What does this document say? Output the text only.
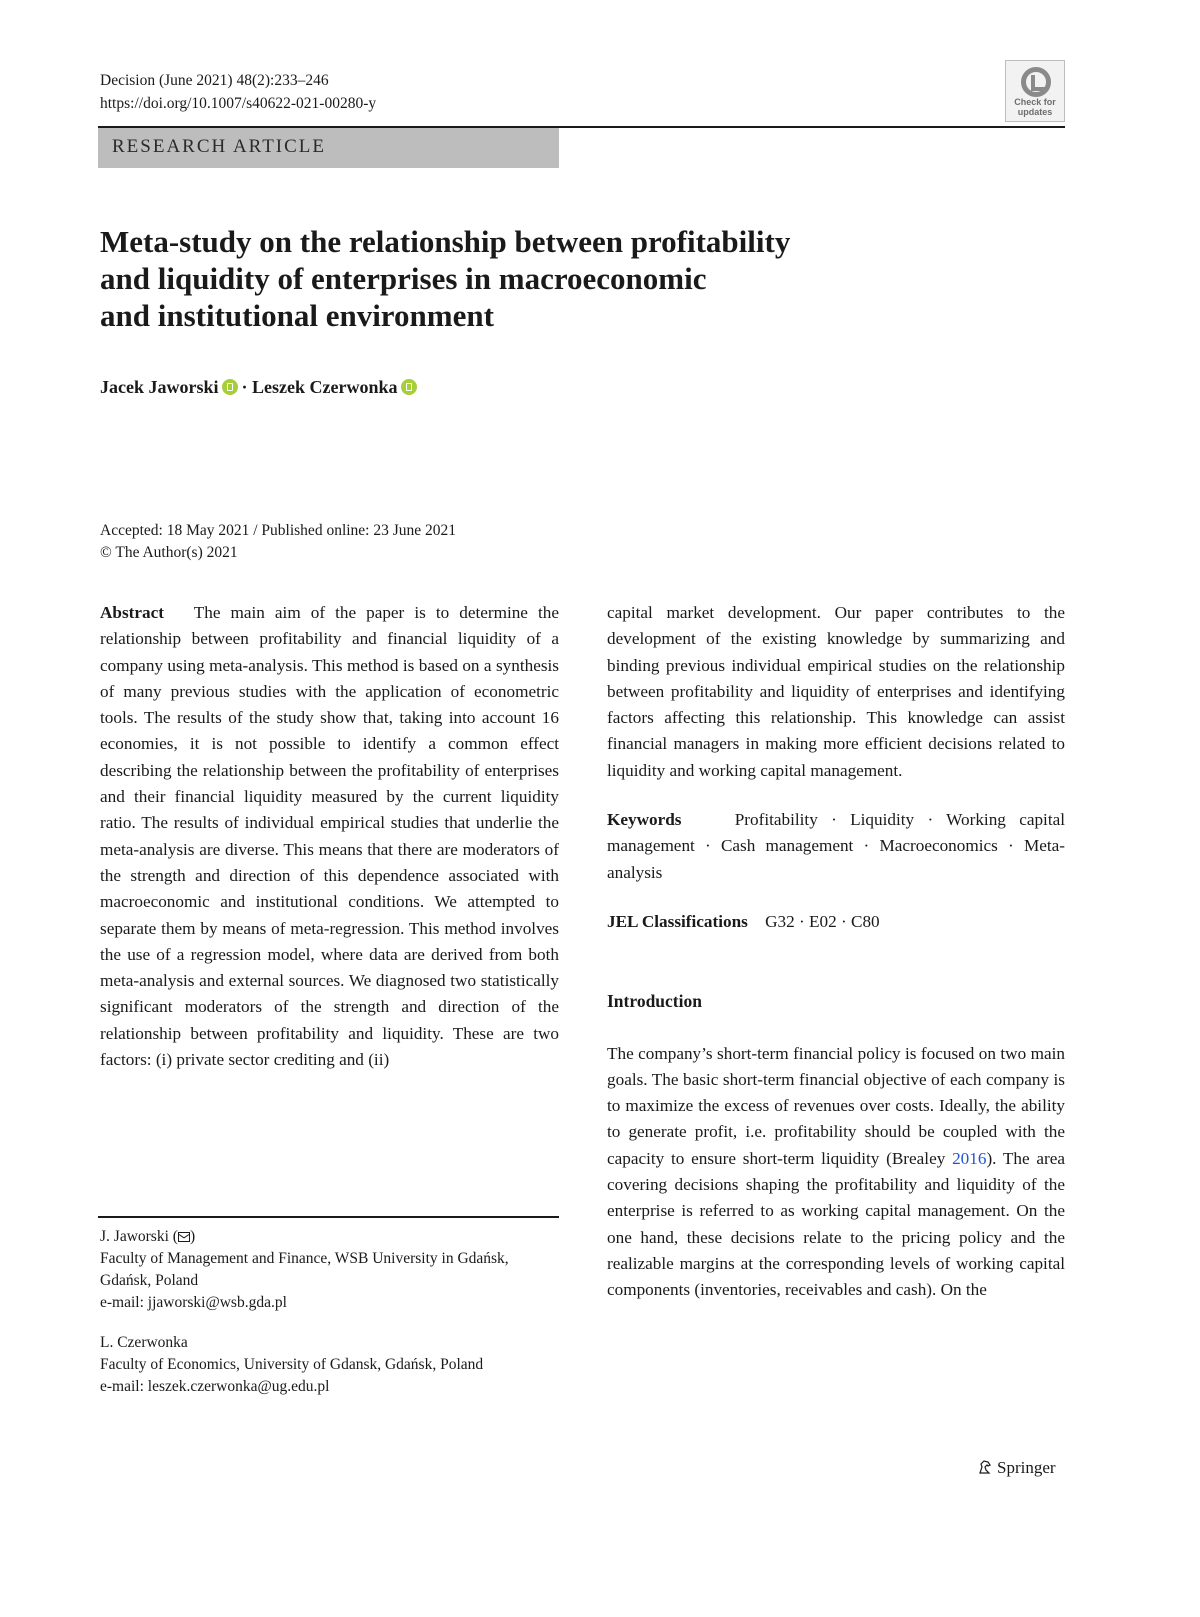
Decision (June 2021) 48(2):233–246
https://doi.org/10.1007/s40622-021-00280-y	Check for updates
RESEARCH ARTICLE
Meta-study on the relationship between profitability
and liquidity of enterprises in macroeconomic
and institutional environment
Jacek Jaworski · Leszek Czerwonka
Accepted: 18 May 2021 / Published online: 23 June 2021
© The Author(s) 2021

Abstract The main aim of the paper is to determine the relationship between profitability and financial liquidity of a company using meta-analysis. This method is based on a synthesis of many previous studies with the application of econometric tools. The results of the study show that, taking into account 16 economies, it is not possible to identify a common effect describing the relationship between the profitability of enterprises and their financial liquidity measured by the current liquidity ratio. The results of individual empirical studies that underlie the meta-analysis are diverse. This means that there are moderators of the strength and direction of this dependence associated with macroeconomic and institutional conditions. We attempted to separate them by means of meta-regression. This method involves the use of a regression model, where data are derived from both meta-analysis and external sources. We diagnosed two statistically significant moderators of the strength and direction of the relationship between profitability and liquidity. These are two factors: (i) private sector crediting and (ii)

J. Jaworski ( )
Faculty of Management and Finance, WSB University in Gdańsk, Gdańsk, Poland
e-mail: jjaworski@wsb.gda.pl
L. Czerwonka
Faculty of Economics, University of Gdansk, Gdańsk, Poland
e-mail: leszek.czerwonka@ug.edu.pl

capital market development. Our paper contributes to the development of the existing knowledge by summarizing and binding previous individual empirical studies on the relationship between profitability and liquidity of enterprises and identifying factors affecting this relationship. This knowledge can assist financial managers in making more efficient decisions related to liquidity and working capital management.

Keywords	Profitability · Liquidity · Working capital management · Cash management · Macroeconomics · Meta-analysis

JEL Classifications G32 · E02 · C80

Introduction

The company’s short-term financial policy is focused on two main goals. The basic short-term financial objective of each company is to maximize the excess of revenues over costs. Ideally, the ability to generate profit, i.e. profitability should be coupled with the capacity to ensure short-term liquidity (Brealey 2016). The area covering decisions shaping the profitability and liquidity of the enterprise is referred to as working capital management. On the one hand, these decisions relate to the pricing policy and the realizable margins at the corresponding levels of working capital components (inventories, receivables and cash). On the

Springer
